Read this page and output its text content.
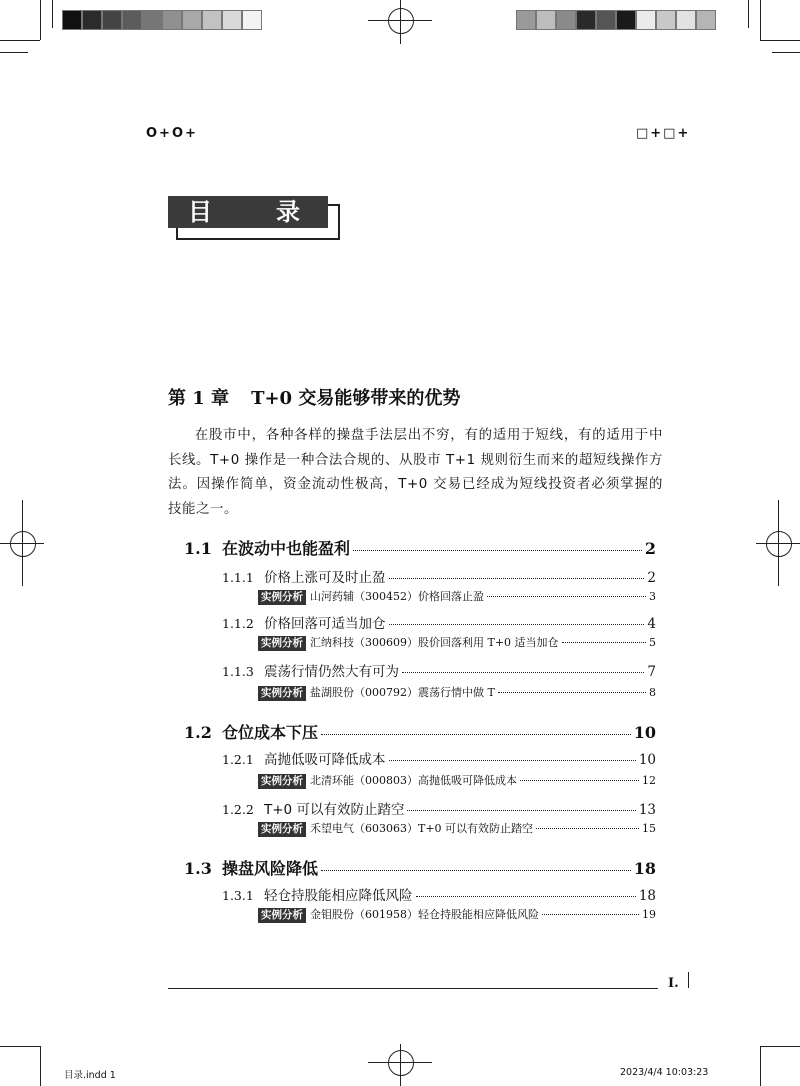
O+O+	□+□+
目	录
第 1 章 T+0 交易能够带来的优势

在股市中，各种各样的操盘手法层出不穷，有的适用于短线，有的适用于中长线。T+0 操作是一种合法合规的、从股市 T+1 规则衍生而来的超短线操作方法。因操作简单，资金流动性极高，T+0 交易已经成为短线投资者必须掌握的技能之一。

1.1 在波动中也能盈利	2
1.1.1 价格上涨可及时止盈	2
实例分析 山河药辅（300452）价格回落止盈	3
1.1.2 价格回落可适当加仓	4
实例分析 汇纳科技（300609）股价回落利用 T+0 适当加仓	5
1.1.3 震荡行情仍然大有可为	7
实例分析 盐湖股份（000792）震荡行情中做 T	8
1.2 仓位成本下压	10
1.2.1 高抛低吸可降低成本	10
实例分析 北清环能（000803）高抛低吸可降低成本	12
1.2.2 T+0 可以有效防止踏空	13
实例分析 禾望电气（603063）T+0 可以有效防止踏空	15
1.3 操盘风险降低	18
1.3.1 轻仓持股能相应降低风险	18
实例分析 金钼股份（601958）轻仓持股能相应降低风险	19
I.
目录.indd 1	2023/4/4 10:03:23
